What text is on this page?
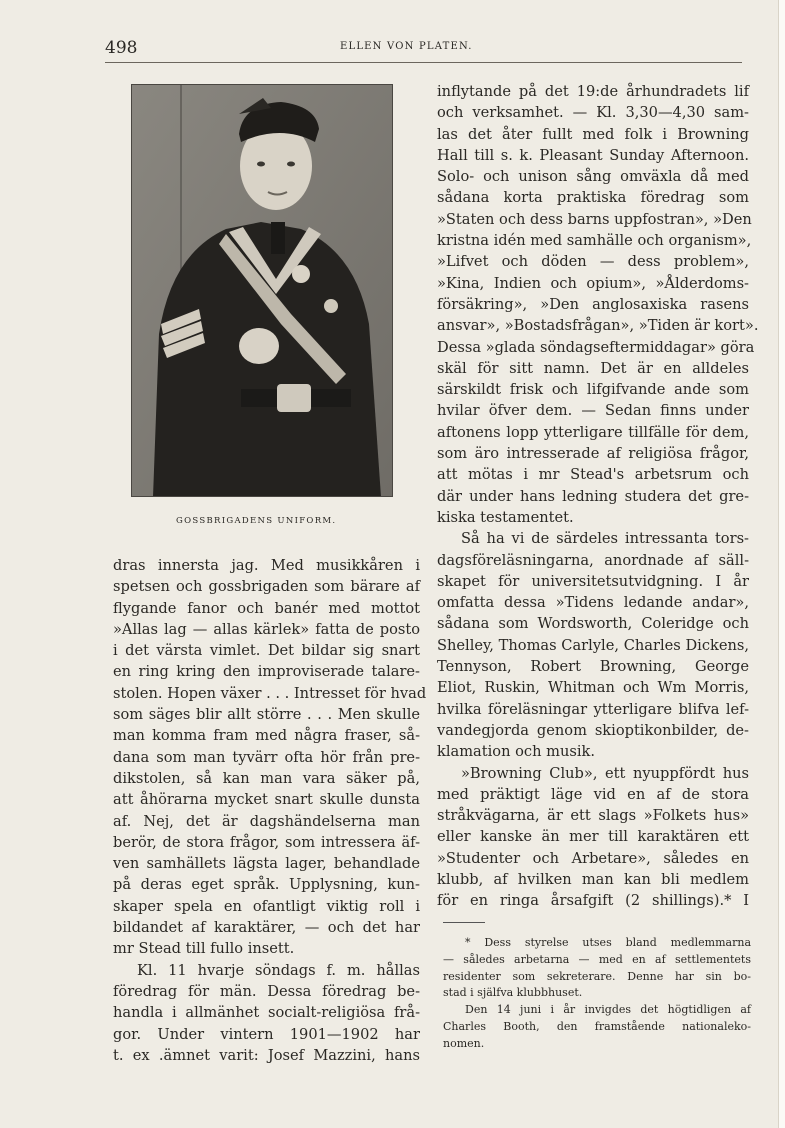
498	ELLEN VON PLATEN.
GOSSBRIGADENS UNIFORM.
dras innersta jag. Med musikkåren i
spetsen och gossbrigaden som bärare af
flygande fanor och banér med mottot
»Allas lag — allas kärlek» fatta de posto
i det värsta vimlet. Det bildar sig snart
en ring kring den improviserade talare-
stolen. Hopen växer . . . Intresset för hvad
som säges blir allt större . . . Men skulle
man komma fram med några fraser, så-
dana som man tyvärr ofta hör från pre-
dikstolen, så kan man vara säker på,
att åhörarna mycket snart skulle dunsta
af. Nej, det är dagshändelserna man
berör, de stora frågor, som intressera äf-
ven samhällets lägsta lager, behandlade
på deras eget språk. Upplysning, kun-
skaper spela en ofantligt viktig roll i
bildandet af karaktärer, — och det har
mr Stead till fullo insett.
Kl. 11 hvarje söndags f. m. hållas
föredrag för män. Dessa föredrag be-
handla i allmänhet socialt-religiösa frå-
gor. Under vintern 1901—1902 har
t. ex .ämnet varit: Josef Mazzini, hans
inflytande på det 19:de århundradets lif
och verksamhet. — Kl. 3,30—4,30 sam-
las det åter fullt med folk i Browning
Hall till s. k. Pleasant Sunday Afternoon.
Solo- och unison sång omväxla då med
sådana korta praktiska föredrag som
»Staten och dess barns uppfostran», »Den
kristna idén med samhälle och organism»,
»Lifvet och döden — dess problem»,
»Kina, Indien och opium», »Ålderdoms-
försäkring», »Den anglosaxiska rasens
ansvar», »Bostadsfrågan», »Tiden är kort».
Dessa »glada söndagseftermiddagar» göra
skäl för sitt namn. Det är en alldeles
särskildt frisk och lifgifvande ande som
hvilar öfver dem. — Sedan finns under
aftonens lopp ytterligare tillfälle för dem,
som äro intresserade af religiösa frågor,
att mötas i mr Stead's arbetsrum och
där under hans ledning studera det gre-
kiska testamentet.
Så ha vi de särdeles intressanta tors-
dagsföreläsningarna, anordnade af säll-
skapet för universitetsutvidgning. I år
omfatta dessa »Tidens ledande andar»,
sådana som Wordsworth, Coleridge och
Shelley, Thomas Carlyle, Charles Dickens,
Tennyson, Robert Browning, George
Eliot, Ruskin, Whitman och Wm Morris,
hvilka föreläsningar ytterligare blifva lef-
vandegjorda genom skioptikonbilder, de-
klamation och musik.
»Browning Club», ett nyuppfördt hus
med präktigt läge vid en af de stora
stråkvägarna, är ett slags »Folkets hus»
eller kanske än mer till karaktären ett
»Studenter och Arbetare», således en
klubb, af hvilken man kan bli medlem
för en ringa årsafgift (2 shillings).* I
* Dess styrelse utses bland medlemmarna
— således arbetarna — med en af settlementets
residenter som sekreterare. Denne har sin bo-
stad i själfva klubbhuset.
Den 14 juni i år invigdes det högtidligen af
Charles Booth, den framstående nationaleko-
nomen.
